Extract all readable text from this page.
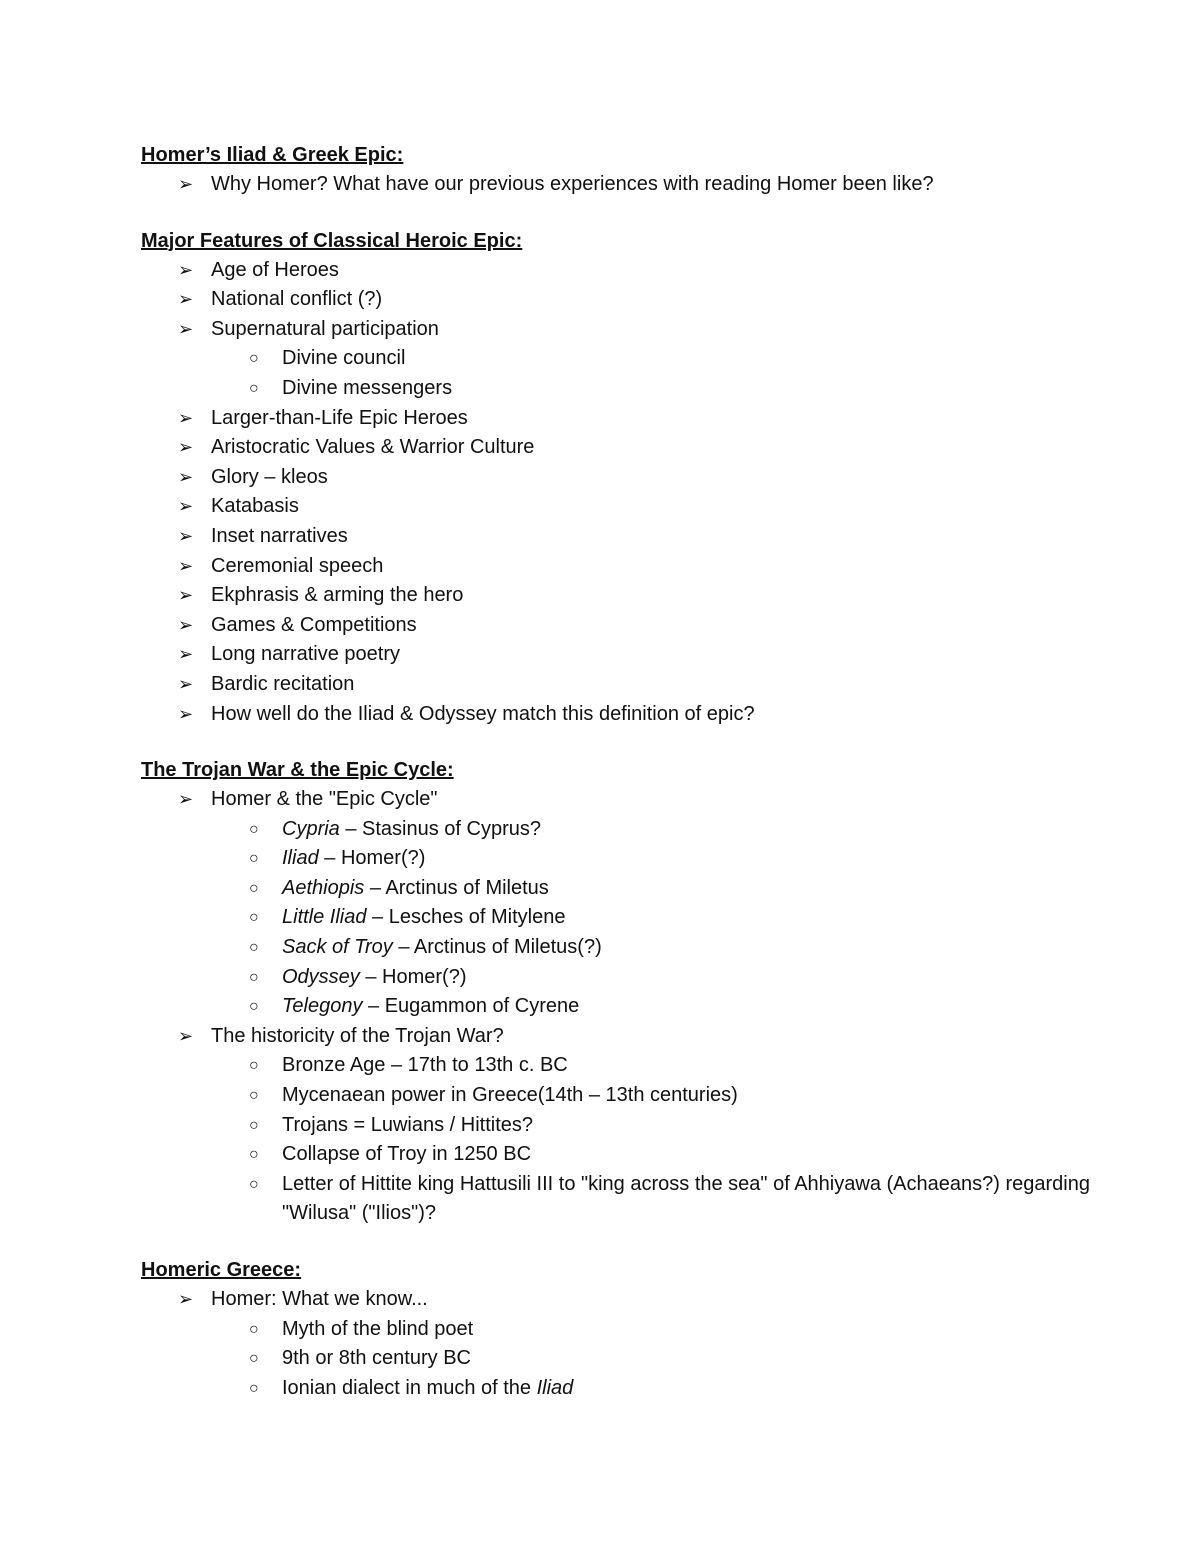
Homer’s Iliad & Greek Epic:
➢ Why Homer? What have our previous experiences with reading Homer been like?
Major Features of Classical Heroic Epic:
➢ Age of Heroes
➢ National conflict (?)
➢ Supernatural participation
○	Divine council
○	Divine messengers
➢ Larger-than-Life Epic Heroes
➢ Aristocratic Values & Warrior Culture
➢ Glory – kleos
➢ Katabasis
➢ Inset narratives
➢ Ceremonial speech
➢ Ekphrasis & arming the hero
➢ Games & Competitions
➢ Long narrative poetry
➢ Bardic recitation
➢ How well do the Iliad & Odyssey match this definition of epic?
The Trojan War & the Epic Cycle:
➢ Homer & the "Epic Cycle"
○	Cypria – Stasinus of Cyprus?
○	Iliad – Homer(?)
○	Aethiopis – Arctinus of Miletus
○	Little Iliad – Lesches of Mitylene
○	Sack of Troy – Arctinus of Miletus(?)
○	Odyssey – Homer(?)
○	Telegony – Eugammon of Cyrene
➢ The historicity of the Trojan War?
○	Bronze Age – 17th to 13th c. BC
○	Mycenaean power in Greece(14th – 13th centuries)
○	Trojans = Luwians / Hittites?
○	Collapse of Troy in 1250 BC
○	Letter of Hittite king Hattusili III to "king across the sea" of Ahhiyawa (Achaeans?) regarding "Wilusa" ("Ilios")?
Homeric Greece:
➢ Homer: What we know...
○	Myth of the blind poet
○	9th or 8th century BC
○	Ionian dialect in much of the Iliad
